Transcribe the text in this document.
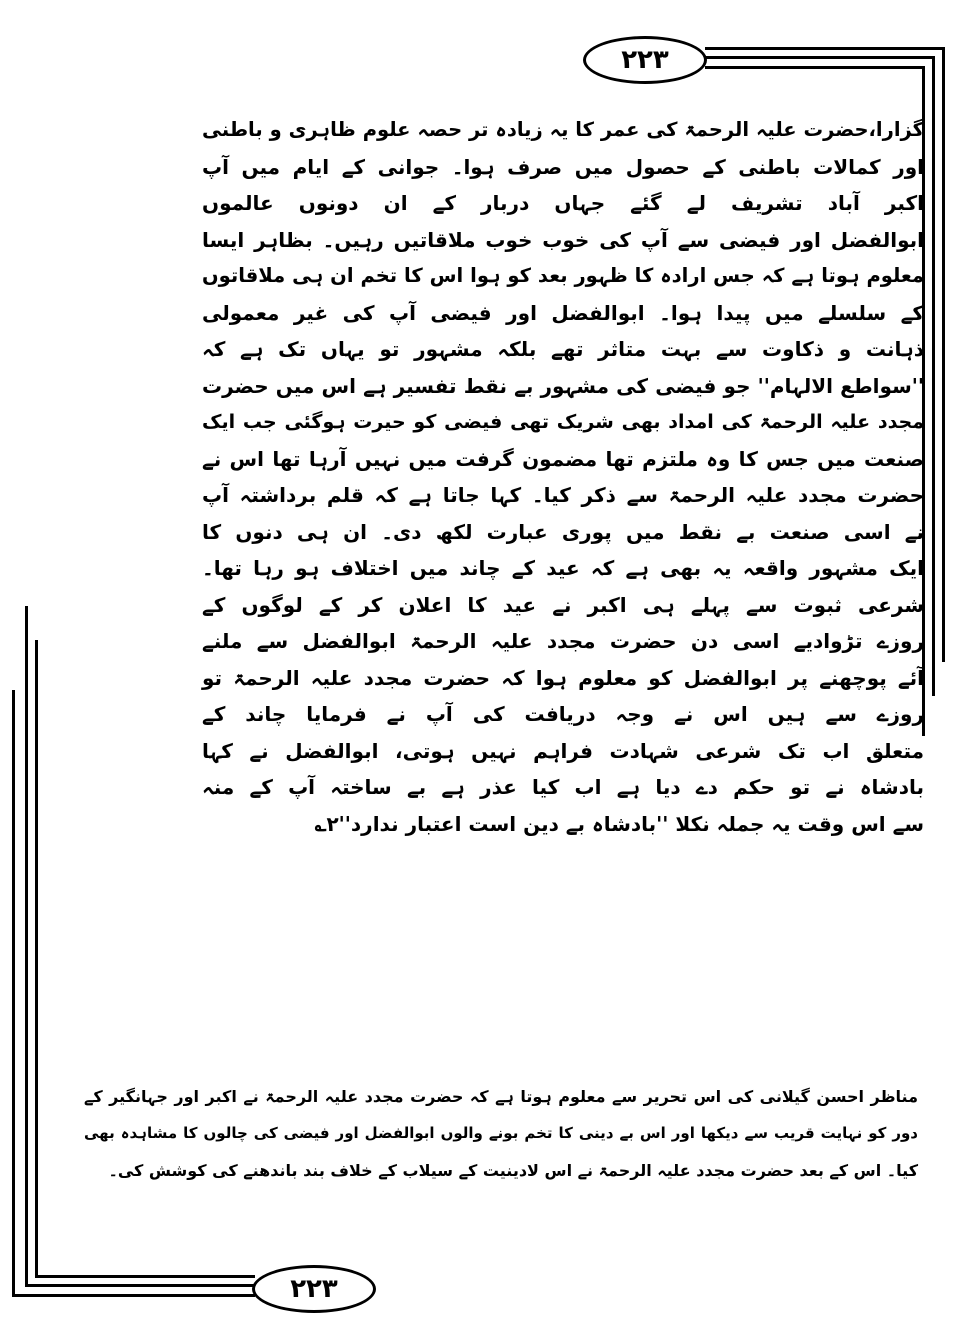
۲۲۳
۲۲۳
گزارا،حضرت علیہ الرحمۃ کی عمر کا یہ زیادہ تر حصہ علوم ظاہری و باطنی
اور کمالات باطنی کے حصول میں صرف ہوا۔ جوانی کے ایام میں آپ
اکبر آباد تشریف لے گئے جہاں دربار کے ان دونوں عالموں
ابوالفضل اور فیضی سے آپ کی خوب خوب ملاقاتیں رہیں۔ بظاہر ایسا
معلوم ہوتا ہے کہ جس ارادہ کا ظہور بعد کو ہوا اس کا تخم ان ہی ملاقاتوں
کے سلسلے میں پیدا ہوا۔ ابوالفضل اور فیضی آپ کی غیر معمولی
ذہانت و ذکاوت سے بہت متاثر تھے بلکہ مشہور تو یہاں تک ہے کہ
''سواطع الالہام'' جو فیضی کی مشہور بے نقط تفسیر ہے اس میں حضرت
مجدد علیہ الرحمۃ کی امداد بھی شریک تھی فیضی کو حیرت ہوگئی جب ایک
صنعت میں جس کا وہ ملتزم تھا مضمون گرفت میں نہیں آرہا تھا اس نے
حضرت مجدد علیہ الرحمۃ سے ذکر کیا۔ کہا جاتا ہے کہ قلم برداشتہ آپ
نے اسی صنعت بے نقط میں پوری عبارت لکھ دی۔ ان ہی دنوں کا
ایک مشہور واقعہ یہ بھی ہے کہ عید کے چاند میں اختلاف ہو رہا تھا۔
شرعی ثبوت سے پہلے ہی اکبر نے عید کا اعلان کر کے لوگوں کے
روزے تڑوادیے اسی دن حضرت مجدد علیہ الرحمۃ ابوالفضل سے ملنے
آئے پوچھنے پر ابوالفضل کو معلوم ہوا کہ حضرت مجدد علیہ الرحمۃ تو
روزے سے ہیں اس نے وجہ دریافت کی آپ نے فرمایا چاند کے
متعلق اب تک شرعی شہادت فراہم نہیں ہوتی، ابوالفضل نے کہا
بادشاہ نے تو حکم دے دیا ہے اب کیا عذر ہے بے ساختہ آپ کے منہ
سے اس وقت یہ جملہ نکلا ''بادشاہ بے دین است اعتبار ندارد''۲؎
مناظر احسن گیلانی کی اس تحریر سے معلوم ہوتا ہے کہ حضرت مجدد علیہ الرحمۃ نے اکبر اور جہانگیر کے
دور کو نہایت قریب سے دیکھا اور اس بے دینی کا تخم بونے والوں ابوالفضل اور فیضی کی چالوں کا مشاہدہ بھی
کیا۔ اس کے بعد حضرت مجدد علیہ الرحمۃ نے اس لادینیت کے سیلاب کے خلاف بند باندھنے کی کوشش کی۔
